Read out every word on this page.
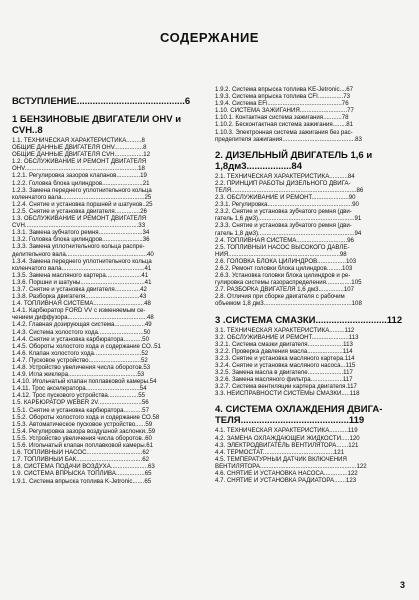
СОДЕРЖАНИЕ
ВСТУПЛЕНИЕ.........................................6
1 БЕНЗИНОВЫЕ ДВИГАТЕЛИ OHV и CVH..8
1.1. ТЕХНИЧЕСКАЯ ХАРАКТЕРИСТИКА.........8
ОБЩИЕ ДАННЫЕ ДВИГАТЕЛЯ OHV.................8
ОБЩИЕ ДАННЫЕ ДВИГАТЕЛЯ CVH.................12
1.2. ОБСЛУЖИВАНИЕ И РЕМОНТ ДВИГАТЕЛЯ
OHV...................................................................18
1.2.1. Регулировка зазоров клапанов..............19
1.2.2. Головка блока цилиндров........................21
1.2.3. Замена переднего уплотнительного кольца
коленчатого вала.................................................25
1.2.4. Снятие и установка поршней и шатунов..25
1.2.5. Снятие и установка двигателя...............26
1.3. ОБСЛУЖИВАНИЕ И РЕМОНТ ДВИГАТЕЛЯ
CVH...................................................................33
1.3.1. Замена зубчатого ремня..........................34
1.3.2. Головка блока цилиндров........................36
1.3.3. Замена уплотнительного кольца распре-
делительного вала................................................40
1.3.4. Замена переднего уплотнительного кольца
коленчатого вала.................................................41
1.3.5. Замена масляного картера.....................41
1.3.6. Поршни и шатуны......................................41
1.3.7. Снятие и установка двигателя...............42
1.3.8. Разборка двигателя................................43
1.4. ТОПЛИВНАЯ СИСТЕМА..............................48
1.4.1. Карбюратор FORD VV с изменяемым се-
чением диффузора...............................................48
1.4.2. Главная дозирующая система..................49
1.4.3. Система холостого хода...........................50
1.4.4. Снятие и установка карбюратора...........50
1.4.5. Обороты холостого хода и содержание CO..51
1.4.6. Клапан холостого хода............................52
1.4.7. Пусковое устройство...............................52
1.4.8. Устройство увеличения числа оборотов.53
1.4.9. Игла жиклера.........................................53
1.4.10. Игольчатый клапан поплавковой камеры.54
1.4.11. Трос акселератора................................54
1.4.12. Трос пускового устройства..................55
1.5. КАРБЮРАТОР WEBER 2V..........................56
1.5.1. Снятие и установка карбюратора...........57
1.5.2. Обороты холостого хода и содержание CO.58
1.5.3. Автоматическое пусковое устройство......59
1.5.4. Регулировка зазора воздушной заслонки..59
1.5.5. Устройство увеличения числа оборотов..60
1.5.6. Игольчатый клапан поплавковой камеры.61
1.6. ТОПЛИВНЫЙ НАСОС.................................62
1.7. ТОПЛИВНЫЙ БАК.......................................62
1.8. СИСТЕМА ПОДАЧИ ВОЗДУХА......................63
1.9. СИСТЕМА ВПРЫСКА ТОПЛИВА.................65
1.9.1. Система впрыска топлива K-Jetronic.......65
1.9.2. Система впрыска топлива KE-Jetronic....67
1.9.3. Система впрыска топлива CFI...............73
1.9.4. Система EFi............................................76
1.10. СИСТЕМА ЗАЖИГАНИЯ............................77
1.10.1. Контактная система зажигания...........78
1.10.2. Бесконтактная система зажигания........81
1.10.3. Электронная система зажигания без рас-
пределителя зажигания...........................................83
2. ДИЗЕЛЬНЫЙ ДВИГАТЕЛЬ 1,6 и 1,8дм3.................84
2.1. ТЕХНИЧЕСКАЯ ХАРАКТЕРИСТИКА...........84
2.2. ПРИНЦИП РАБОТЫ ДИЗЕЛЬНОГО ДВИГА-
ТЕЛЯ..........................................................................86
2.3. ОБСЛУЖИВАНИЕ И РЕМОНТ......................90
2.3.1. Регулировка..................................................90
2.3.2. Снятие и установка зубчатого ремня (дви-
гатель 1,6 дм3).........................................................91
2.3.3. Снятие и установка зубчатого ремня (дви-
гатель 1,8 дм3).........................................................94
2.4. ТОПЛИВНАЯ СИСТЕМА..............................96
2.5. ТОПЛИВНЫЙ НАСОС ВЫСОКОГО ДАВЛЕ-
НИЯ..................................................................98
2.6. ГОЛОВКА БЛОКА ЦИЛИНДРОВ.................103
2.6.2. Ремонт головки блока цилиндров.........103
2.6.3. Установка головки блока цилиндров и ре-
гулировка системы газораспределения...............105
2.7. РАЗБОРКА ДВИГАТЕЛЯ 1,6 дм3...............107
2.8. Отличия при сборке двигателя с рабочим
объемом 1,8 дм3....................................................108
3 .СИСТЕМА СМАЗКИ...........................112
3.1. ТЕХНИЧЕСКАЯ ХАРАКТЕРИСТИКА.........112
3.2. ОБСЛУЖИВАНИЕ И РЕМОНТ......................113
3.2.1. Система смазки двигателя.....................113
3.2.2. Проверка давления масла.....................114
3.2.3. Снятие и установка масляного картера.114
3.2.4. Снятие и установка масляного насоса...115
3.2.5. Замена масла в двигателе.....................117
3.2.6. Замена масляного фильтра...................117
3.2.7. Система вентиляции картера двигателя.117
3.3. НЕИСПРАВНОСТИ СИСТЕМЫ СМАЗКИ.....118
4. СИСТЕМА ОХЛАЖДЕНИЯ ДВИГА-ТЕЛЯ.........................................119
4.1. ТЕХНИЧЕСКАЯ ХАРАКТЕРИСТИКА...........119
4.2. ЗАМЕНА ОХЛАЖДАЮЩЕЙ ЖИДКОСТИ.....120
4.3. ЭЛЕКТРОДВИГАТЕЛЬ ВЕНТИЛЯТОРА.......121
4.4. ТЕРМОСТАТ..........................................121
4.5. ТЕМПЕРАТУРНЫЙ ДАТЧИК ВКЛЮЧЕНИЯ
ВЕНТИЛЯТОРА.........................................................122
4.6. СНЯТИЕ И УСТАНОВКА НАСОСА..............122
4.7. СНЯТИЕ И УСТАНОВКА РАДИАТОРА.......123
3
